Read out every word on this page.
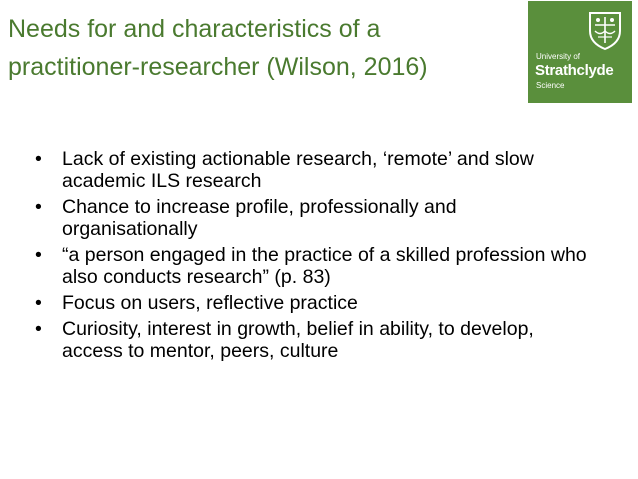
Needs for and characteristics of a practitioner-researcher (Wilson, 2016)	University of
Strathclyde
Science
• Lack of existing actionable research, ‘remote’ and slow academic ILS research
• Chance to increase profile, professionally and organisationally
• “a person engaged in the practice of a skilled profession who also conducts research” (p. 83)
• Focus on users, reflective practice
• Curiosity, interest in growth, belief in ability, to develop, access to mentor, peers, culture
